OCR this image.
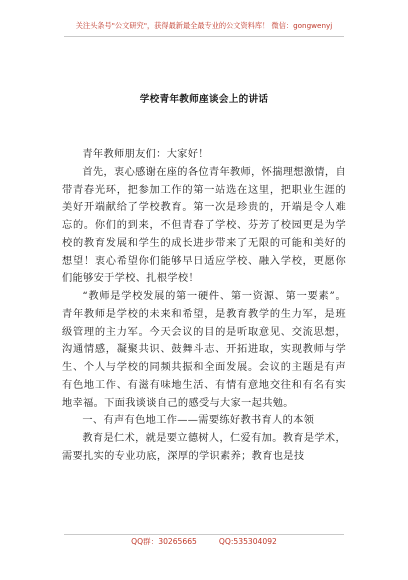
关注头条号"公文研究"，获得最新最全最专业的公文资料库！ 微信：gongwenyj
学校青年教师座谈会上的讲话

青年教师朋友们：大家好！

首先，衷心感谢在座的各位青年教师，怀揣理想激情，自带青春光环，把参加工作的第一站选在这里，把职业生涯的美好开端献给了学校教育。第一次是珍贵的，开端是令人难忘的。你们的到来，不但青春了学校、芬芳了校园更是为学校的教育发展和学生的成长进步带来了无限的可能和美好的想望！衷心希望你们能够早日适应学校、融入学校，更愿你们能够安于学校、扎根学校！

“教师是学校发展的第一硬件、第一资源、第一要素”。青年教师是学校的未来和希望，是教育教学的生力军，是班级管理的主力军。今天会议的目的是听取意见、交流思想，沟通情感，凝聚共识、鼓舞斗志、开拓进取，实现教师与学生、个人与学校的同频共振和全面发展。会议的主题是有声有色地工作、有滋有味地生活、有情有意地交往和有名有实地幸福。下面我谈谈自己的感受与大家一起共勉。

一、有声有色地工作——需要练好教书育人的本领

教育是仁术，就是要立德树人，仁爱有加。教育是学术，需要扎实的专业功底，深厚的学识素养；教育也是技

QQ群：30265665	QQ:535304092
